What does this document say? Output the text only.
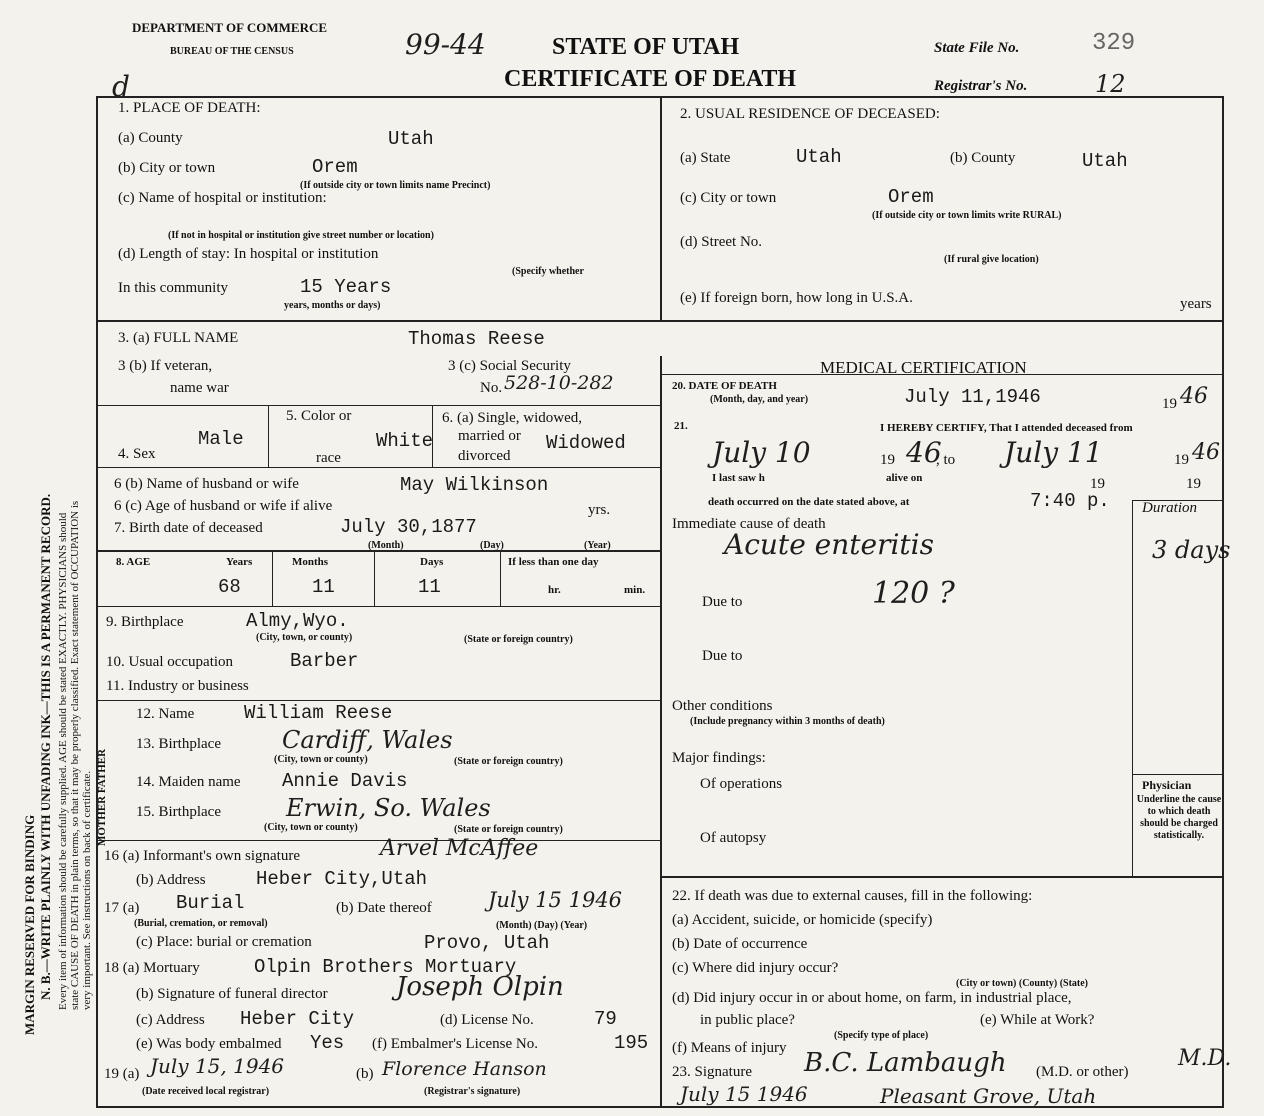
MARGIN RESERVED FOR BINDING N. B.—WRITE PLAINLY WITH UNFADING INK—THIS IS A PERMANENT RECORD. Every item of information should be carefully supplied. AGE should be stated EXACTLY. PHYSICIANS should state CAUSE OF DEATH in plain terms, so that it may be properly classified. Exact statement of OCCUPATION is very important. See instructions on back of certificate.
DEPARTMENT OF COMMERCE
BUREAU OF THE CENSUS	99-44	STATE OF UTAH
CERTIFICATE OF DEATH
State File No.	329
Registrar's No.	12
d
1. PLACE OF DEATH:
(a) County	Utah
(b) City or town	Orem
(If outside city or town limits name Precinct)
(c) Name of hospital or institution:
(If not in hospital or institution give street number or location)
(d) Length of stay: In hospital or institution
(Specify whether
In this community	15 Years
years, months or days)
2. USUAL RESIDENCE OF DECEASED:
(a) State	Utah	(b) County	Utah
(c) City or town	Orem
(If outside city or town limits write RURAL)
(d) Street No.
(If rural give location)
(e) If foreign born, how long in U.S.A.	years
3. (a) FULL NAME	Thomas Reese
3 (b) If veteran,
name war
3 (c) Social Security
No. 528-10-282
4. Sex
Male
5. Color or
race
White
6. (a) Single, widowed,
married or
divorced
Widowed
6 (b) Name of husband or wife	May Wilkinson
6 (c) Age of husband or wife if alive	yrs.
7. Birth date of deceased	July 30,1877
(Month)	(Day)	(Year)
8. AGE	Years	Months	Days	If less than one day
68	11	11	hr.	min.
9. Birthplace	Almy,Wyo.
(City, town, or county)	(State or foreign country)
10. Usual occupation	Barber
11. Industry or business
MOTHER FATHER
12. Name	William Reese
13. Birthplace	Cardiff, Wales
(City, town or county)	(State or foreign country)
14. Maiden name Annie Davis
15. Birthplace	Erwin, So. Wales
(City, town or county)	(State or foreign country)
16 (a) Informant's own signature	Arvel McAffee
(b) Address	Heber City,Utah
17 (a) Burial
(Burial, cremation, or removal)
(b) Date thereof	July 15 1946
(Month) (Day) (Year)
(c) Place: burial or cremation	Provo, Utah
18 (a) Mortuary	Olpin Brothers Mortuary
(b) Signature of funeral director	Joseph Olpin
(c) Address Heber City	(d) License No.	79
(e) Was body embalmed Yes (f) Embalmer's License No.	195
19 (a) July 15, 1946
(Date received local registrar)
(b) Florence Hanson
(Registrar's signature)
MEDICAL CERTIFICATION
20. DATE OF DEATH
(Month, day, and year)	July 11,1946	19 46
21.	I HEREBY CERTIFY, That I attended deceased from
July 10	19 46
, to July 11	19 46
I last saw h	alive on	19	19
death occurred on the date stated above, at	7:40 p.
Immediate cause of death
Duration
Acute enteritis	3 days
Due to	120 ?
Due to
Other conditions
(Include pregnancy within 3 months of death)
Major findings:
Of operations
Of autopsy
Physician
Underline the cause to which death should be charged statistically.
22. If death was due to external causes, fill in the following:
(a) Accident, suicide, or homicide (specify)
(b) Date of occurrence
(c) Where did injury occur?
(City or town) (County) (State)
(d) Did injury occur in or about home, on farm, in industrial place,
in public place?
(Specify type of place)
(e) While at Work?
(f) Means of injury
23. Signature B.C. Lambaugh (M.D. or other)
M.D.
July 15 1946	Pleasant Grove, Utah
